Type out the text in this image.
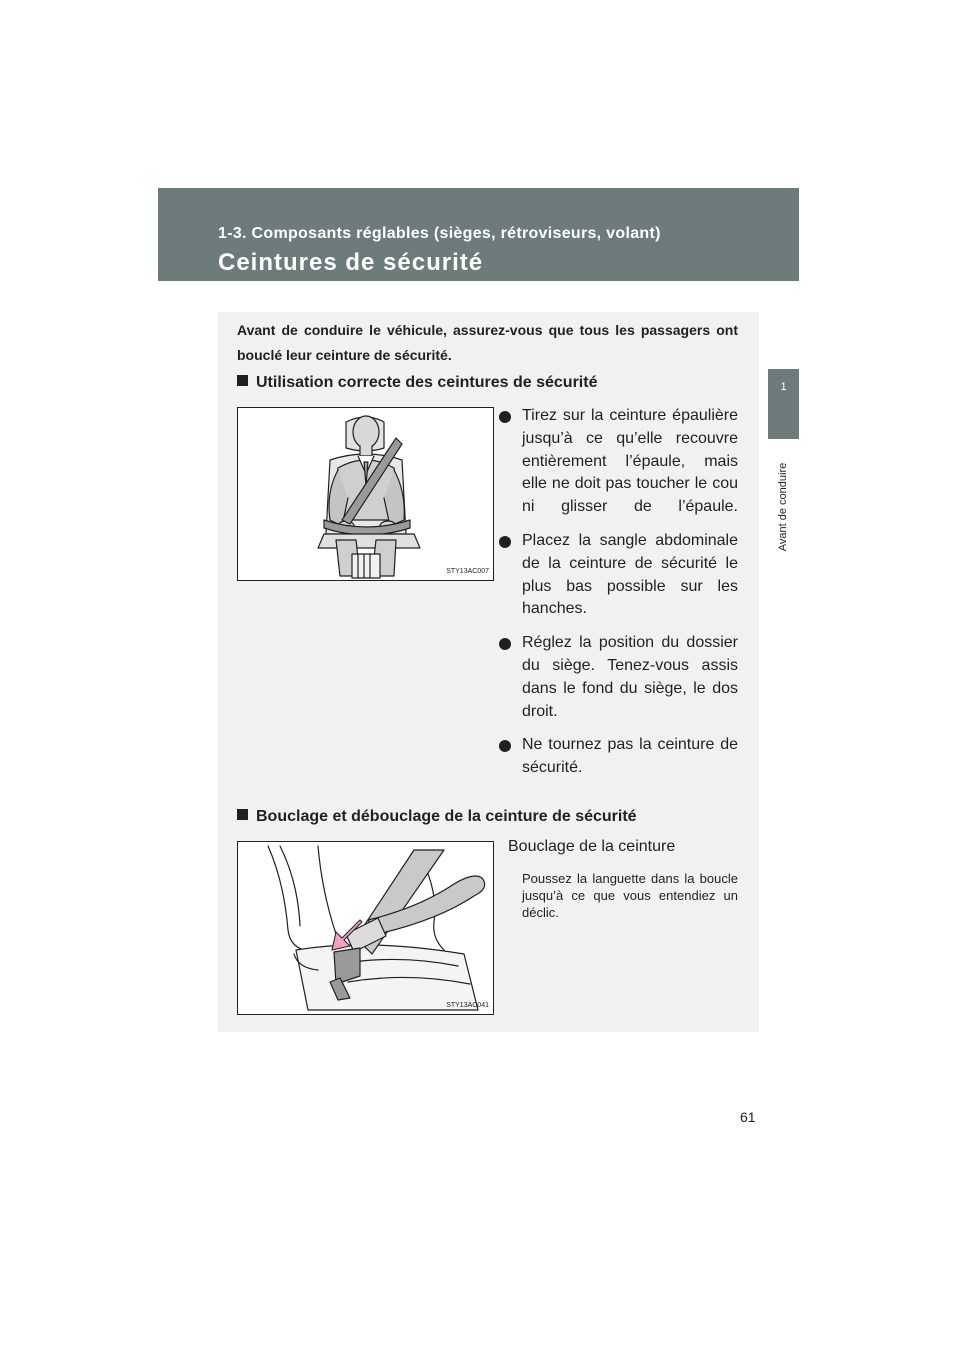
1-3. Composants réglables (sièges, rétroviseurs, volant)
Ceintures de sécurité
1
Avant de conduire
Avant de conduire le véhicule, assurez-vous que tous les passagers ont bouclé leur ceinture de sécurité.
Utilisation correcte des ceintures de sécurité
STY13AC007
Tirez sur la ceinture épaulière jusqu’à ce qu’elle recouvre entièrement l’épaule, mais elle ne doit pas toucher le cou ni glisser de l’épaule.
Placez la sangle abdominale de la ceinture de sécurité le plus bas possible sur les hanches.
Réglez la position du dossier du siège. Tenez-vous assis dans le fond du siège, le dos droit.
Ne tournez pas la ceinture de sécurité.
Bouclage et débouclage de la ceinture de sécurité
STY13AC041
Bouclage de la ceinture
Poussez la languette dans la boucle jusqu’à ce que vous entendiez un déclic.
61
